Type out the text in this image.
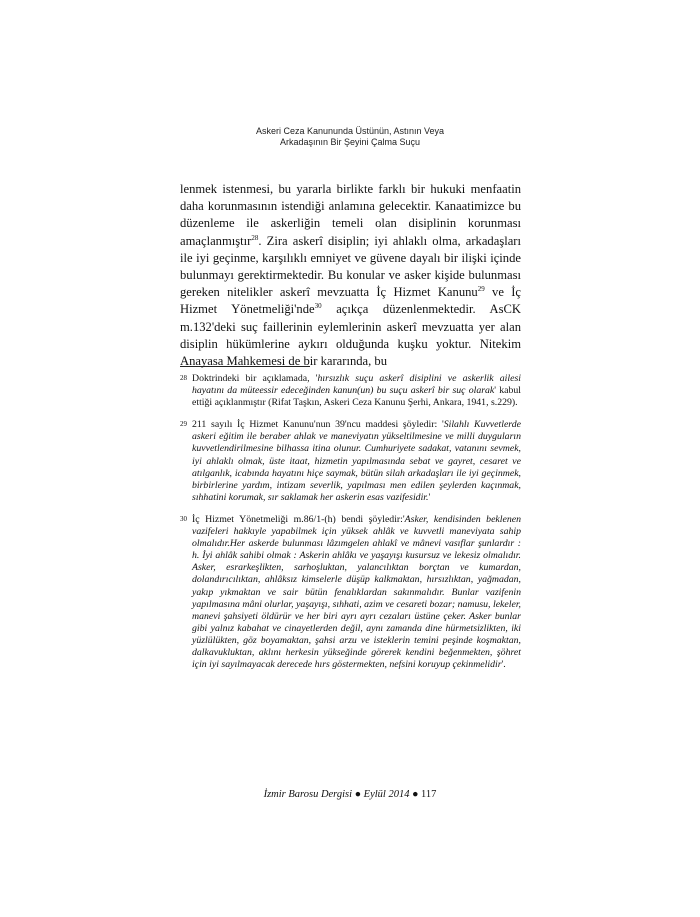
Askeri Ceza Kanununda Üstünün, Astının Veya
Arkadaşının Bir Şeyini Çalma Suçu

lenmek istenmesi, bu yararla birlikte farklı bir hukuki menfaatin daha korunmasının istendiği anlamına gelecektir. Kanaatimizce bu düzenleme ile askerliğin temeli olan disiplinin korunması amaçlanmıştır$^{28}$. Zira askerî disiplin; iyi ahlaklı olma, arkadaşları ile iyi geçinme, karşılıklı emniyet ve güvene dayalı bir ilişki içinde bulunmayı gerektirmektedir. Bu konular ve asker kişide bulunması gereken nitelikler askerî mevzuatta İç Hizmet Kanunu$^{29}$ ve İç Hizmet Yönetmeliği'nde$^{30}$ açıkça düzenlenmektedir. AsCK m.132'deki suç faillerinin eylemlerinin askerî mevzuatta yer alan disiplin hükümlerine aykırı olduğunda kuşku yoktur. Nitekim Anayasa Mahkemesi de bir kararında, bu

28 Doktrindeki bir açıklamada, 'hırsızlık suçu askerî disiplini ve askerlik ailesi hayatını da müteessir edeceğinden kanun(un) bu suçu askerî bir suç olarak' kabul ettiği açıklanmıştır (Rifat Taşkın, Askeri Ceza Kanunu Şerhi, Ankara, 1941, s.229).
29 211 sayılı İç Hizmet Kanunu'nun 39'ncu maddesi şöyledir: 'Silahlı Kuvvetlerde askeri eğitim ile beraber ahlak ve maneviyatın yükseltilmesine ve milli duyguların kuvvetlendirilmesine bilhassa itina olunur. Cumhuriyete sadakat, vatanını sevmek, iyi ahlaklı olmak, üste itaat, hizmetin yapılmasında sebat ve gayret, cesaret ve atılganlık, icabında hayatını hiçe saymak, bütün silah arkadaşları ile iyi geçinmek, birbirlerine yardım, intizam severlik, yapılması men edilen şeylerden kaçınmak, sıhhatini korumak, sır saklamak her askerin esas vazifesidir.'
30 İç Hizmet Yönetmeliği m.86/1-(h) bendi şöyledir:'Asker, kendisinden beklenen vazifeleri hakkıyle yapabilmek için yüksek ahlâk ve kuvvetli maneviyata sahip olmalıdır.Her askerde bulunması lâzımgelen ahlakî ve mânevi vasıflar şunlardır : h. İyi ahlâk sahibi olmak : Askerin ahlâkı ve yaşayışı kusursuz ve lekesiz olmalıdır. Asker, esrarkeşlikten, sarhoşluktan, yalancılıktan borçtan ve kumardan, dolandırıcılıktan, ahlâksız kimselerle düşüp kalkmaktan, hırsızlıktan, yağmadan, yakıp yıkmaktan ve sair bütün fenalıklardan sakınmalıdır. Bunlar vazifenin yapılmasına mâni olurlar, yaşayışı, sıhhati, azim ve cesareti bozar; namusu, lekeler, manevi şahsiyeti öldürür ve her biri ayrı ayrı cezaları üstüne çeker. Asker bunlar gibi yalnız kabahat ve cinayetlerden değil, aynı zamanda dine hürmetsizlikten, iki yüzlülükten, göz boyamaktan, şahsi arzu ve isteklerin temini peşinde koşmaktan, dalkavukluktan, aklını herkesin yükseğinde görerek kendini beğenmekten, şöhret için iyi sayılmayacak derecede hırs göstermekten, nefsini koruyup çekinmelidir'.
İzmir Barosu Dergisi ● Eylül 2014 ● 117
